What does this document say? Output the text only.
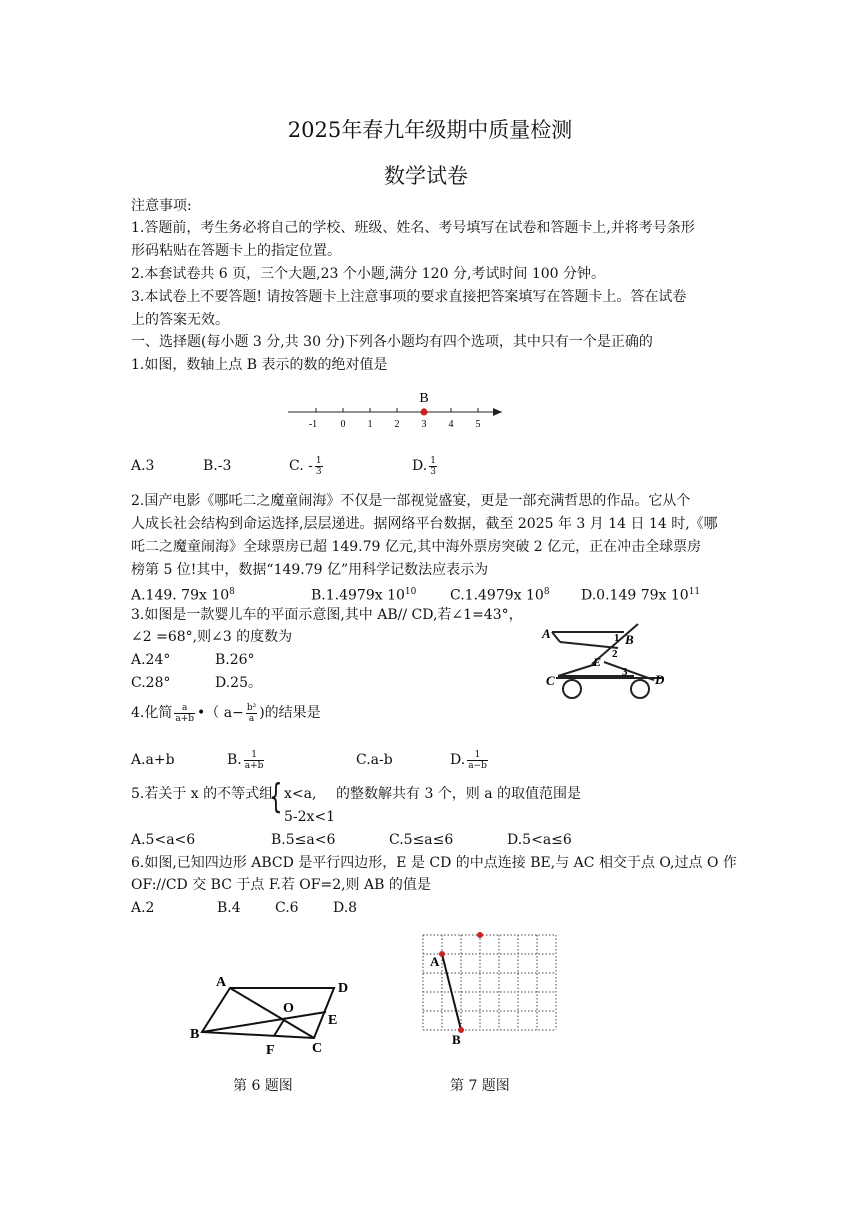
2025年春九年级期中质量检测
数学试卷
注意事项:
1.答题前，考生务必将自己的学校、班级、姓名、考号填写在试卷和答题卡上,并将考号条形
形码粘贴在答题卡上的指定位置。
2.本套试卷共 6 页，三个大题,23 个小题,满分 120 分,考试时间 100 分钟。
3.本试卷上不要答题! 请按答题卡上注意事项的要求直接把答案填写在答题卡上。答在试卷
上的答案无效。
一、选择题(每小题 3 分,共 30 分)下列各小题均有四个选项，其中只有一个是正确的
1.如图，数轴上点 B 表示的数的绝对值是
B
-1 0 1 2 3 4 5
A.3	B.-3	C. - $\frac{1}{3}$	D. $\frac{1}{3}$
2.国产电影《哪吒二之魔童闹海》不仅是一部视觉盛宴，更是一部充满哲思的作品。它从个
人成长社会结构到命运选择,层层递进。据网络平台数据，截至 2025 年 3 月 14 日 14 时,《哪
吒二之魔童闹海》全球票房已超 149.79 亿元,其中海外票房突破 2 亿元，正在冲击全球票房
榜第 5 位!其中，数据“149.79 亿”用科学记数法应表示为
A.149. 79x $10^8$	B.1.4979x $10^{10}$ C.1.4979x $10^8$ D.0.149 79x $10^{11}$
3.如图是一款婴儿车的平面示意图,其中 AB// CD,若∠1=43°，
∠2 =68°,则∠3 的度数为
A.24°	B.26°
C.28°	D.25。
A	B
C	D
E
1
2
3
4.化简 $\frac{a}{a+b}$ •（ $a- \frac{\text{b²}}{a}$ )的结果是
A.a+b	B. $\frac{1}{a+b}$	C.a-b	D. $\frac{1}{a-b}$
5.若关于 x 的不等式组
{ x<a,
5-2x<1
的整数解共有 3 个，则 a 的取值范围是
A.5<a<6	B.5≤a<6	C.5≤a≤6	D.5<a≤6
6.如图,已知四边形 ABCD 是平行四边形，E 是 CD 的中点连接 BE,与 AC 相交于点 O,过点 O 作
OF://CD 交 BC 于点 F.若 OF=2,则 AB 的值是
A.2	B.4 C.6 D.8
A	D
B
C
E
F
O
第 6 题图
A
B
第 7 题图
